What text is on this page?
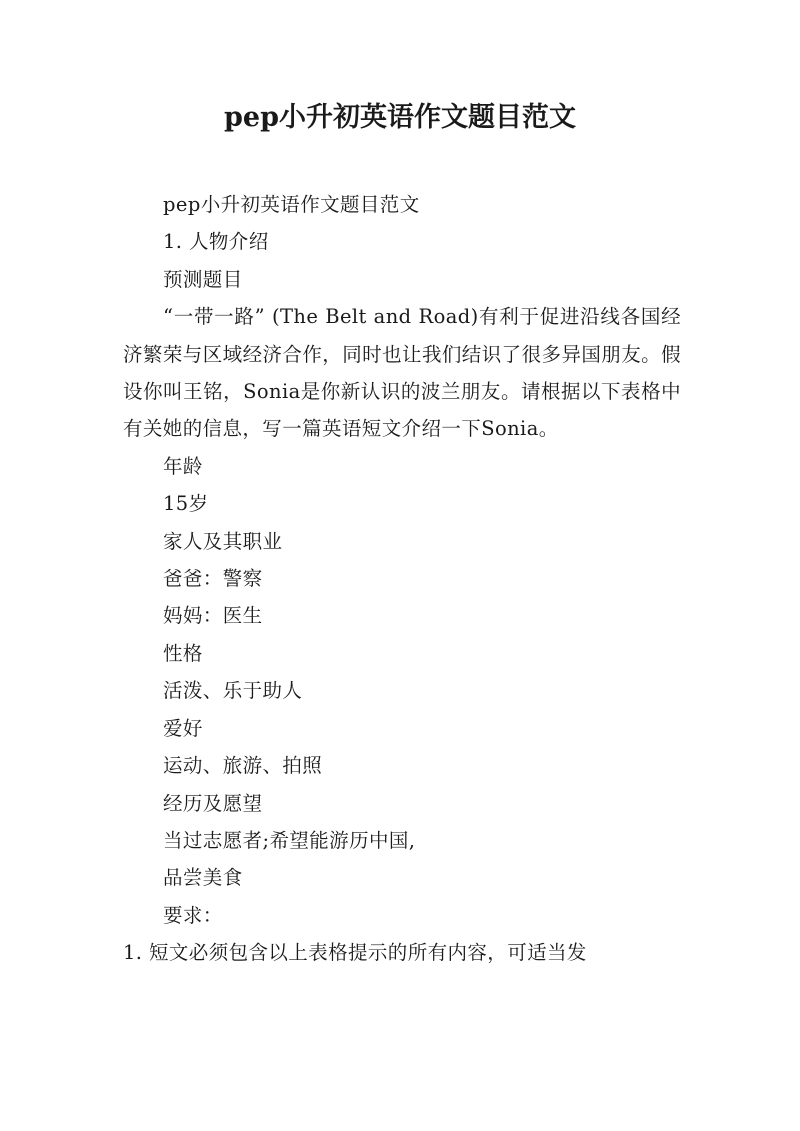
pep小升初英语作文题目范文

pep小升初英语作文题目范文

1. 人物介绍

预测题目

“一带一路” (The Belt and Road)有利于促进沿线各国经济繁荣与区域经济合作，同时也让我们结识了很多异国朋友。假设你叫王铭，Sonia是你新认识的波兰朋友。请根据以下表格中有关她的信息，写一篇英语短文介绍一下Sonia。

年龄

15岁

家人及其职业

爸爸：警察

妈妈：医生

性格

活泼、乐于助人

爱好

运动、旅游、拍照

经历及愿望

当过志愿者;希望能游历中国,

品尝美食

要求：

1. 短文必须包含以上表格提示的所有内容，可适当发
